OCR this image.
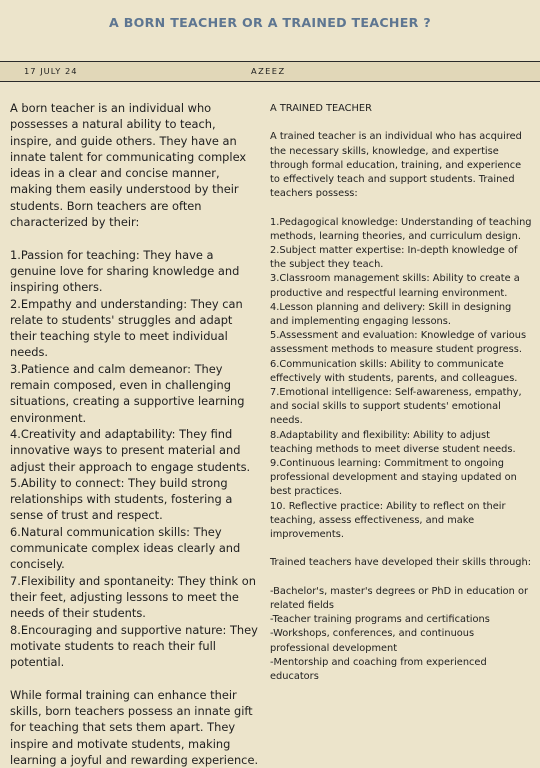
A BORN TEACHER OR A TRAINED TEACHER ?
17 JULY 24	AZEEZ

A born teacher is an individual who possesses a natural ability to teach, inspire, and guide others. They have an innate talent for communicating complex ideas in a clear and concise manner, making them easily understood by their students. Born teachers are often characterized by their:

1.Passion for teaching: They have a genuine love for sharing knowledge and inspiring others.

2.Empathy and understanding: They can relate to students' struggles and adapt their teaching style to meet individual needs.

3.Patience and calm demeanor: They remain composed, even in challenging situations, creating a supportive learning environment.

4.Creativity and adaptability: They find innovative ways to present material and adjust their approach to engage students.

5.Ability to connect: They build strong relationships with students, fostering a sense of trust and respect.

6.Natural communication skills: They communicate complex ideas clearly and concisely.

7.Flexibility and spontaneity: They think on their feet, adjusting lessons to meet the needs of their students.

8.Encouraging and supportive nature: They motivate students to reach their full potential.

While formal training can enhance their skills, born teachers possess an innate gift for teaching that sets them apart. They inspire and motivate students, making learning a joyful and rewarding experience.

A TRAINED TEACHER

A trained teacher is an individual who has acquired the necessary skills, knowledge, and expertise through formal education, training, and experience to effectively teach and support students. Trained teachers possess:

1.Pedagogical knowledge: Understanding of teaching methods, learning theories, and curriculum design.

2.Subject matter expertise: In-depth knowledge of the subject they teach.

3.Classroom management skills: Ability to create a productive and respectful learning environment.

4.Lesson planning and delivery: Skill in designing and implementing engaging lessons.

5.Assessment and evaluation: Knowledge of various assessment methods to measure student progress.

6.Communication skills: Ability to communicate effectively with students, parents, and colleagues.

7.Emotional intelligence: Self-awareness, empathy, and social skills to support students' emotional needs.

8.Adaptability and flexibility: Ability to adjust teaching methods to meet diverse student needs.

9.Continuous learning: Commitment to ongoing professional development and staying updated on best practices.

10. Reflective practice: Ability to reflect on their teaching, assess effectiveness, and make improvements.

Trained teachers have developed their skills through:

-Bachelor's, master's degrees or PhD in education or related fields

-Teacher training programs and certifications

-Workshops, conferences, and continuous professional development

-Mentorship and coaching from experienced educators
